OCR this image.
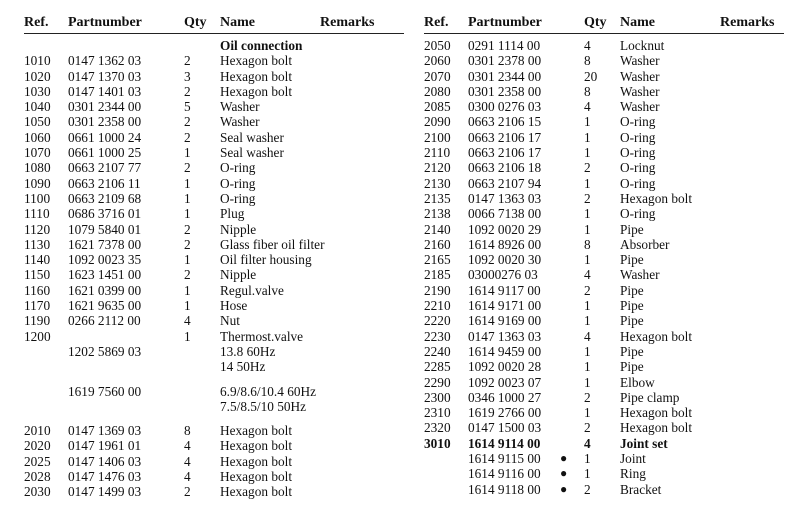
Ref. Partnumber	Qty Name	Remarks
Oil connection
1010 0147 1362 03	2 Hexagon bolt
1020 0147 1370 03	3 Hexagon bolt
1030 0147 1401 03	2 Hexagon bolt
1040 0301 2344 00	5 Washer
1050 0301 2358 00	2 Washer
1060 0661 1000 24	2 Seal washer
1070 0661 1000 25	1 Seal washer
1080 0663 2107 77	2 O-ring
1090 0663 2106 11	1 O-ring
1100 0663 2109 68	1 O-ring
1110 0686 3716 01	1 Plug
1120 1079 5840 01	2 Nipple
1130 1621 7378 00	2 Glass fiber oil filter
1140 1092 0023 35	1 Oil filter housing
1150 1623 1451 00	2 Nipple
1160 1621 0399 00	1 Regul.valve
1170 1621 9635 00	1 Hose
1190 0266 2112 00	4 Nut
1200	1 Thermost.valve
1202 5869 03	13.8 60Hz
14 50Hz
1619 7560 00	6.9/8.6/10.4 60Hz
7.5/8.5/10 50Hz
2010 0147 1369 03	8 Hexagon bolt
2020 0147 1961 01	4 Hexagon bolt
2025 0147 1406 03	4 Hexagon bolt
2028 0147 1476 03	4 Hexagon bolt
2030 0147 1499 03	2 Hexagon bolt
Ref. Partnumber	Qty Name	Remarks
2050 0291 1114 00	4 Locknut
2060 0301 2378 00	8 Washer
2070 0301 2344 00	20 Washer
2080 0301 2358 00	8 Washer
2085 0300 0276 03	4 Washer
2090 0663 2106 15	1 O-ring
2100 0663 2106 17	1 O-ring
2110 0663 2106 17	1 O-ring
2120 0663 2106 18	2 O-ring
2130 0663 2107 94	1 O-ring
2135 0147 1363 03	2 Hexagon bolt
2138 0066 7138 00	1 O-ring
2140 1092 0020 29	1 Pipe
2160 1614 8926 00	8 Absorber
2165 1092 0020 30	1 Pipe
2185 03000276 03	4 Washer
2190 1614 9117 00	2 Pipe
2210 1614 9171 00	1 Pipe
2220 1614 9169 00	1 Pipe
2230 0147 1363 03	4 Hexagon bolt
2240 1614 9459 00	1 Pipe
2285 1092 0020 28	1 Pipe
2290 1092 0023 07	1 Elbow
2300 0346 1000 27	2 Pipe clamp
2310 1619 2766 00	1 Hexagon bolt
2320 0147 1500 03	2 Hexagon bolt
3010 1614 9114 00	4 Joint set
1614 9115 00 ● 1 Joint
1614 9116 00 ● 1 Ring
1614 9118 00 ● 2 Bracket
